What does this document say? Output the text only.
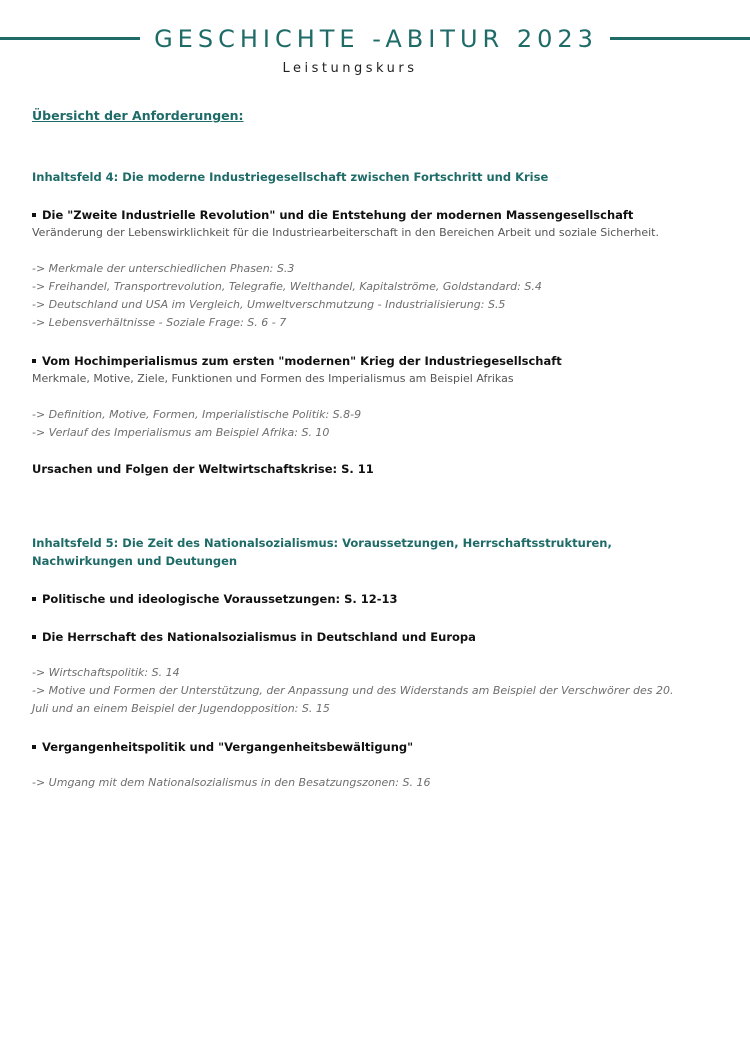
GESCHICHTE -ABITUR 2023
Leistungskurs

Übersicht der Anforderungen:

Inhaltsfeld 4: Die moderne Industriegesellschaft zwischen Fortschritt und Krise

Die "Zweite Industrielle Revolution" und die Entstehung der modernen Massengesellschaft

Veränderung der Lebenswirklichkeit für die Industriearbeiterschaft in den Bereichen Arbeit und soziale Sicherheit.

-> Merkmale der unterschiedlichen Phasen: S.3

-> Freihandel, Transportrevolution, Telegrafie, Welthandel, Kapitalströme, Goldstandard: S.4

-> Deutschland und USA im Vergleich, Umweltverschmutzung - Industrialisierung: S.5

-> Lebensverhältnisse - Soziale Frage: S. 6 - 7

Vom Hochimperialismus zum ersten "modernen" Krieg der Industriegesellschaft

Merkmale, Motive, Ziele, Funktionen und Formen des Imperialismus am Beispiel Afrikas

-> Definition, Motive, Formen, Imperialistische Politik: S.8-9

-> Verlauf des Imperialismus am Beispiel Afrika: S. 10

Ursachen und Folgen der Weltwirtschaftskrise: S. 11

Inhaltsfeld 5: Die Zeit des Nationalsozialismus: Voraussetzungen, Herrschaftsstrukturen,

Nachwirkungen und Deutungen

Politische und ideologische Voraussetzungen: S. 12-13

Die Herrschaft des Nationalsozialismus in Deutschland und Europa

-> Wirtschaftspolitik: S. 14

-> Motive und Formen der Unterstützung, der Anpassung und des Widerstands am Beispiel der Verschwörer des 20.

Juli und an einem Beispiel der Jugendopposition: S. 15

Vergangenheitspolitik und "Vergangenheitsbewältigung"

-> Umgang mit dem Nationalsozialismus in den Besatzungszonen: S. 16
